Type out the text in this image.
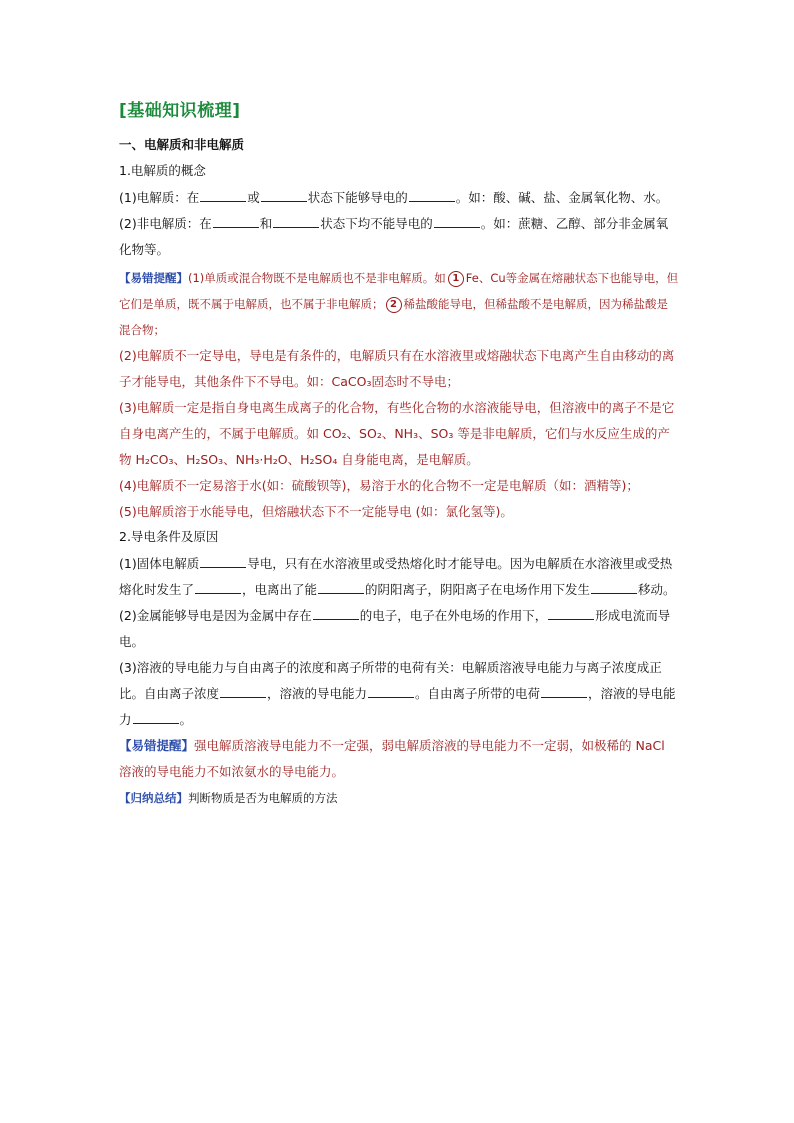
[基础知识梳理]
一、电解质和非电解质
1.电解质的概念

(1)电解质：在	或	状态下能够导电的	。如：酸、碱、盐、金属氧化物、水。

(2)非电解质：在	和	状态下均不能导电的	。如：蔗糖、乙醇、部分非金属氧化物等。

【易错提醒】(1)单质或混合物既不是电解质也不是非电解质。如 1 Fe、Cu等金属在熔融状态下也能导电，但它们是单质，既不属于电解质，也不属于非电解质； 2 稀盐酸能导电，但稀盐酸不是电解质，因为稀盐酸是混合物；

(2)电解质不一定导电，导电是有条件的，电解质只有在水溶液里或熔融状态下电离产生自由移动的离子才能导电，其他条件下不导电。如：CaCO₃固态时不导电；

(3)电解质一定是指自身电离生成离子的化合物，有些化合物的水溶液能导电，但溶液中的离子不是它自身电离产生的，不属于电解质。如 CO₂、SO₂、NH₃、SO₃ 等是非电解质，它们与水反应生成的产物 H₂CO₃、H₂SO₃、NH₃·H₂O、H₂SO₄ 自身能电离，是电解质。

(4)电解质不一定易溶于水(如：硫酸钡等)，易溶于水的化合物不一定是电解质（如：酒精等)；

(5)电解质溶于水能导电，但熔融状态下不一定能导电 (如：氯化氢等)。

2.导电条件及原因

(1)固体电解质	导电，只有在水溶液里或受热熔化时才能导电。因为电解质在水溶液里或受热熔化时发生了	，电离出了能	的阴阳离子，阴阳离子在电场作用下发生	移动。

(2)金属能够导电是因为金属中存在	的电子，电子在外电场的作用下，	形成电流而导电。

(3)溶液的导电能力与自由离子的浓度和离子所带的电荷有关：电解质溶液导电能力与离子浓度成正比。自由离子浓度	，溶液的导电能力	。自由离子所带的电荷	，溶液的导电能力	。

【易错提醒】强电解质溶液导电能力不一定强，弱电解质溶液的导电能力不一定弱，如极稀的 NaCl 溶液的导电能力不如浓氨水的导电能力。

【归纳总结】判断物质是否为电解质的方法
